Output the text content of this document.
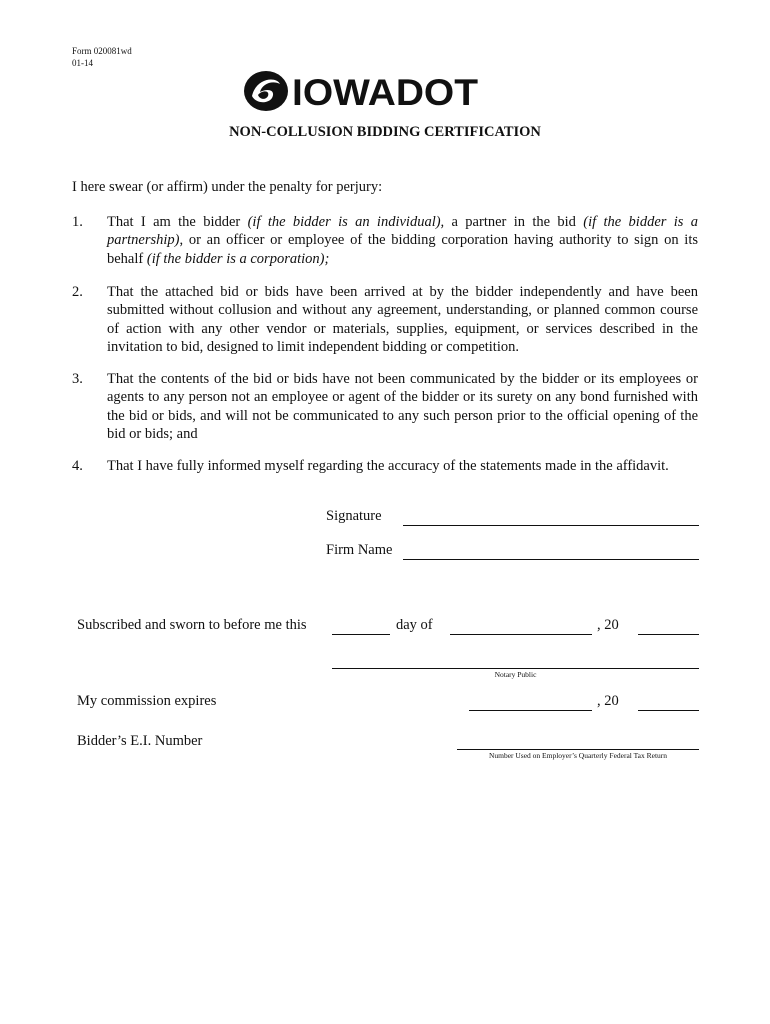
Form 020081wd
01-14
IOWADOT
NON-COLLUSION BIDDING CERTIFICATION
I here swear (or affirm) under the penalty for perjury:
1. That I am the bidder (if the bidder is an individual), a partner in the bid (if the bidder is a partnership), or an officer or employee of the bidding corporation having authority to sign on its behalf (if the bidder is a corporation);
2. That the attached bid or bids have been arrived at by the bidder independently and have been submitted without collusion and without any agreement, understanding, or planned common course of action with any other vendor or materials, supplies, equipment, or services described in the invitation to bid, designed to limit independent bidding or competition.
3. That the contents of the bid or bids have not been communicated by the bidder or its employees or agents to any person not an employee or agent of the bidder or its surety on any bond furnished with the bid or bids, and will not be communicated to any such person prior to the official opening of the bid or bids; and
4. That I have fully informed myself regarding the accuracy of the statements made in the affidavit.
Signature
Firm Name
Subscribed and sworn to before me this	day of	, 20
Notary Public
My commission expires	, 20
Bidder’s E.I. Number
Number Used on Employer’s Quarterly Federal Tax Return
